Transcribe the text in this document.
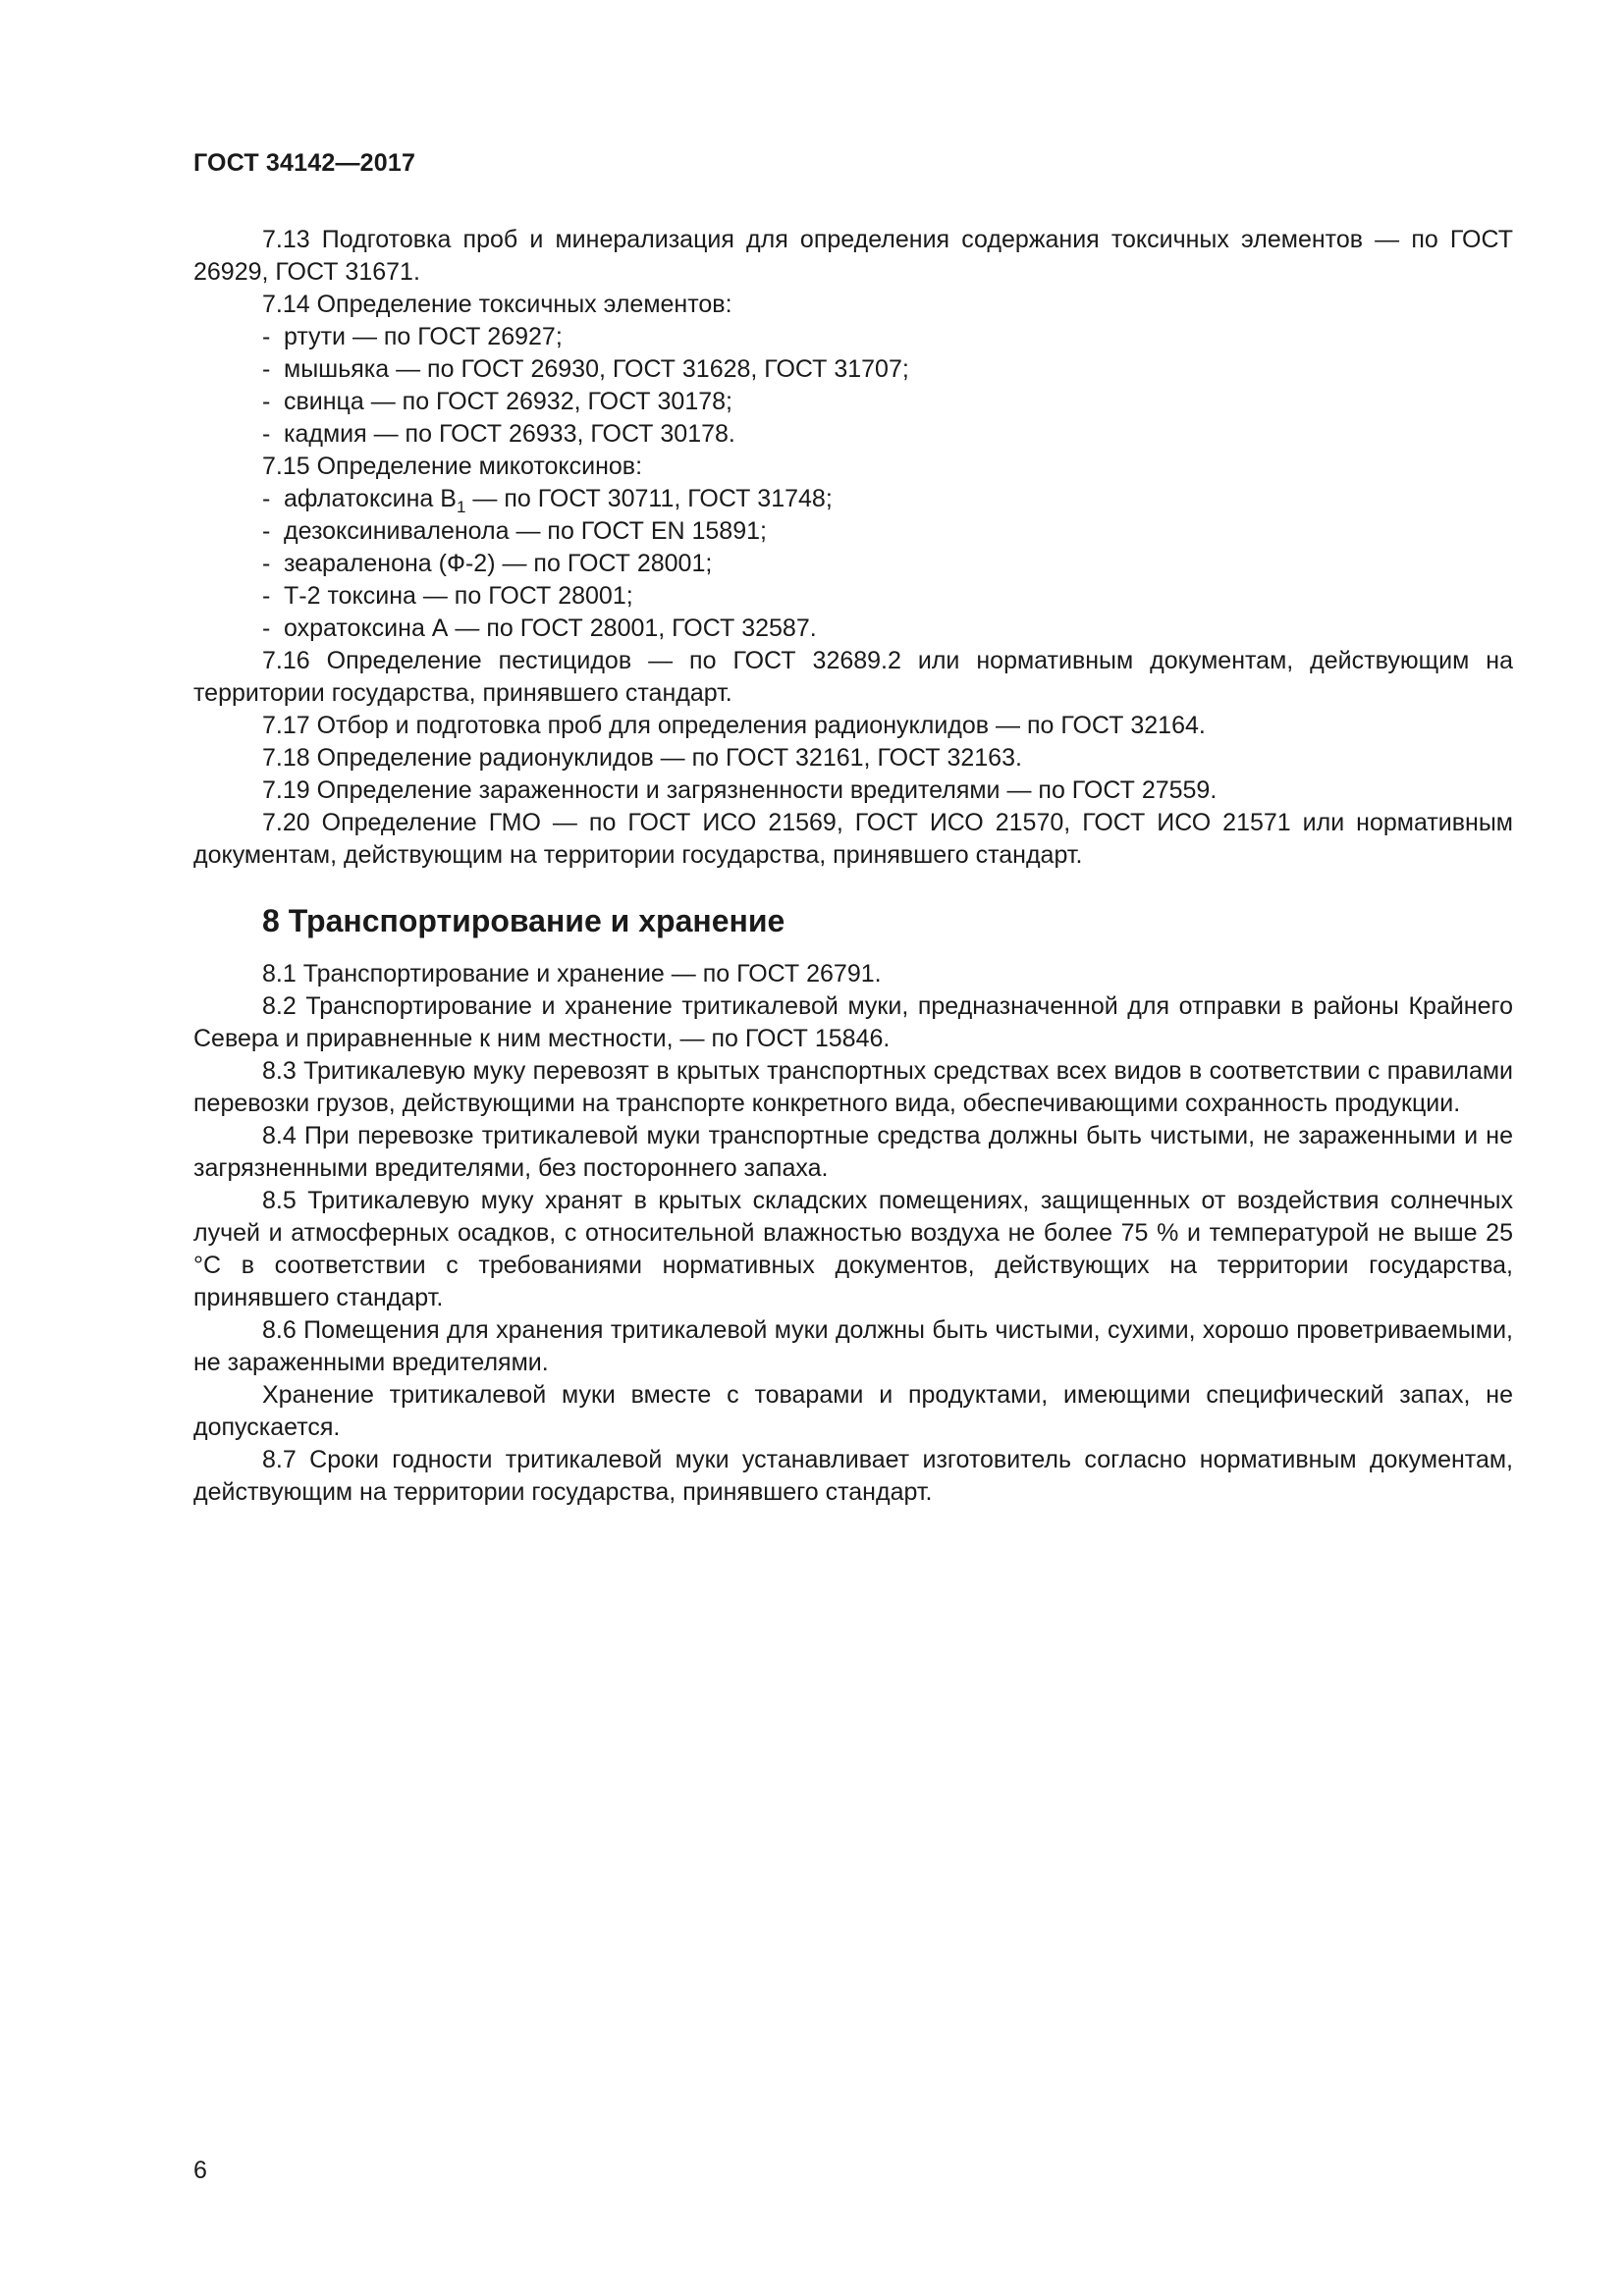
ГОСТ 34142—2017

7.13 Подготовка проб и минерализация для определения содержания токсичных элементов — по ГОСТ 26929, ГОСТ 31671.

7.14 Определение токсичных элементов:

- ртути — по ГОСТ 26927;
- мышьяка — по ГОСТ 26930, ГОСТ 31628, ГОСТ 31707;
- свинца — по ГОСТ 26932, ГОСТ 30178;
- кадмия — по ГОСТ 26933, ГОСТ 30178.

7.15 Определение микотоксинов:

- афлатоксина $B_1$ — по ГОСТ 30711, ГОСТ 31748;
- дезоксиниваленола — по ГОСТ EN 15891;
- зеараленона (Ф-2) — по ГОСТ 28001;
- Т-2 токсина — по ГОСТ 28001;
- охратоксина А — по ГОСТ 28001, ГОСТ 32587.

7.16 Определение пестицидов — по ГОСТ 32689.2 или нормативным документам, действующим на территории государства, принявшего стандарт.

7.17 Отбор и подготовка проб для определения радионуклидов — по ГОСТ 32164.

7.18 Определение радионуклидов — по ГОСТ 32161, ГОСТ 32163.

7.19 Определение зараженности и загрязненности вредителями — по ГОСТ 27559.

7.20 Определение ГМО — по ГОСТ ИСО 21569, ГОСТ ИСО 21570, ГОСТ ИСО 21571 или нормативным документам, действующим на территории государства, принявшего стандарт.

8 Транспортирование и хранение

8.1 Транспортирование и хранение — по ГОСТ 26791.

8.2 Транспортирование и хранение тритикалевой муки, предназначенной для отправки в районы Крайнего Севера и приравненные к ним местности, — по ГОСТ 15846.

8.3 Тритикалевую муку перевозят в крытых транспортных средствах всех видов в соответствии с правилами перевозки грузов, действующими на транспорте конкретного вида, обеспечивающими сохранность продукции.

8.4 При перевозке тритикалевой муки транспортные средства должны быть чистыми, не зараженными и не загрязненными вредителями, без постороннего запаха.

8.5 Тритикалевую муку хранят в крытых складских помещениях, защищенных от воздействия солнечных лучей и атмосферных осадков, с относительной влажностью воздуха не более 75 % и температурой не выше 25 °C в соответствии с требованиями нормативных документов, действующих на территории государства, принявшего стандарт.

8.6 Помещения для хранения тритикалевой муки должны быть чистыми, сухими, хорошо проветриваемыми, не зараженными вредителями.

Хранение тритикалевой муки вместе с товарами и продуктами, имеющими специфический запах, не допускается.

8.7 Сроки годности тритикалевой муки устанавливает изготовитель согласно нормативным документам, действующим на территории государства, принявшего стандарт.

6
